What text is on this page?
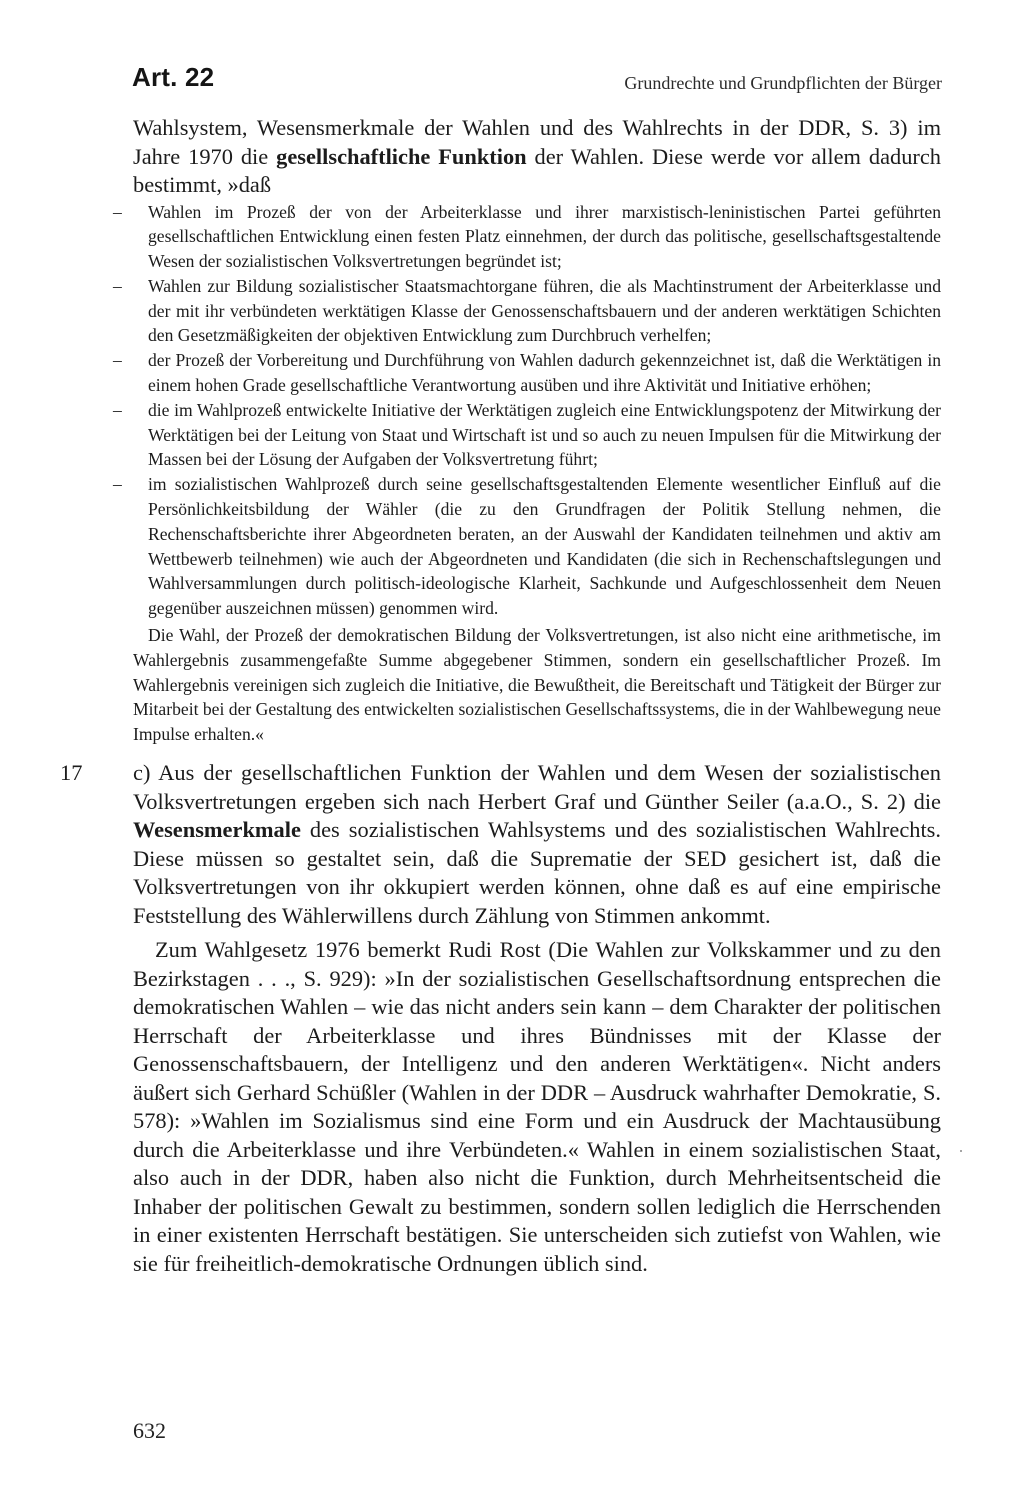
Art. 22	Grundrechte und Grundpflichten der Bürger

Wahlsystem, Wesensmerkmale der Wahlen und des Wahlrechts in der DDR, S. 3) im Jahre 1970 die gesellschaftliche Funktion der Wahlen. Diese werde vor allem dadurch bestimmt, »daß

– Wahlen im Prozeß der von der Arbeiterklasse und ihrer marxistisch-leninistischen Partei geführten gesellschaftlichen Entwicklung einen festen Platz einnehmen, der durch das politische, gesellschaftsgestaltende Wesen der sozialistischen Volksvertretungen begründet ist;
– Wahlen zur Bildung sozialistischer Staatsmachtorgane führen, die als Machtinstrument der Arbeiterklasse und der mit ihr verbündeten werktätigen Klasse der Genossenschaftsbauern und der anderen werktätigen Schichten den Gesetzmäßigkeiten der objektiven Entwicklung zum Durchbruch verhelfen;
– der Prozeß der Vorbereitung und Durchführung von Wahlen dadurch gekennzeichnet ist, daß die Werktätigen in einem hohen Grade gesellschaftliche Verantwortung ausüben und ihre Aktivität und Initiative erhöhen;
– die im Wahlprozeß entwickelte Initiative der Werktätigen zugleich eine Entwicklungspotenz der Mitwirkung der Werktätigen bei der Leitung von Staat und Wirtschaft ist und so auch zu neuen Impulsen für die Mitwirkung der Massen bei der Lösung der Aufgaben der Volksvertretung führt;
– im sozialistischen Wahlprozeß durch seine gesellschaftsgestaltenden Elemente wesentlicher Einfluß auf die Persönlichkeitsbildung der Wähler (die zu den Grundfragen der Politik Stellung nehmen, die Rechenschaftsberichte ihrer Abgeordneten beraten, an der Auswahl der Kandidaten teilnehmen und aktiv am Wettbewerb teilnehmen) wie auch der Abgeordneten und Kandidaten (die sich in Rechenschaftslegungen und Wahlversammlungen durch politisch-ideologische Klarheit, Sachkunde und Aufgeschlossenheit dem Neuen gegenüber auszeichnen müssen) genommen wird.

Die Wahl, der Prozeß der demokratischen Bildung der Volksvertretungen, ist also nicht eine arithmetische, im Wahlergebnis zusammengefaßte Summe abgegebener Stimmen, sondern ein gesellschaftlicher Prozeß. Im Wahlergebnis vereinigen sich zugleich die Initiative, die Bewußtheit, die Bereitschaft und Tätigkeit der Bürger zur Mitarbeit bei der Gestaltung des entwickelten sozialistischen Gesellschaftssystems, die in der Wahlbewegung neue Impulse erhalten.«

17 c) Aus der gesellschaftlichen Funktion der Wahlen und dem Wesen der sozialistischen Volksvertretungen ergeben sich nach Herbert Graf und Günther Seiler (a.a.O., S. 2) die Wesensmerkmale des sozialistischen Wahlsystems und des sozialistischen Wahlrechts. Diese müssen so gestaltet sein, daß die Suprematie der SED gesichert ist, daß die Volksvertretungen von ihr okkupiert werden können, ohne daß es auf eine empirische Feststellung des Wählerwillens durch Zählung von Stimmen ankommt.

Zum Wahlgesetz 1976 bemerkt Rudi Rost (Die Wahlen zur Volkskammer und zu den Bezirkstagen . . ., S. 929): »In der sozialistischen Gesellschaftsordnung entsprechen die demokratischen Wahlen – wie das nicht anders sein kann – dem Charakter der politischen Herrschaft der Arbeiterklasse und ihres Bündnisses mit der Klasse der Genossenschaftsbauern, der Intelligenz und den anderen Werktätigen«. Nicht anders äußert sich Gerhard Schüßler (Wahlen in der DDR – Ausdruck wahrhafter Demokratie, S. 578): »Wahlen im Sozialismus sind eine Form und ein Ausdruck der Machtausübung durch die Arbeiterklasse und ihre Verbündeten.« Wahlen in einem sozialistischen Staat, also auch in der DDR, haben also nicht die Funktion, durch Mehrheitsentscheid die Inhaber der politischen Gewalt zu bestimmen, sondern sollen lediglich die Herrschenden in einer existenten Herrschaft bestätigen. Sie unterscheiden sich zutiefst von Wahlen, wie sie für freiheitlich-demokratische Ordnungen üblich sind.

632
